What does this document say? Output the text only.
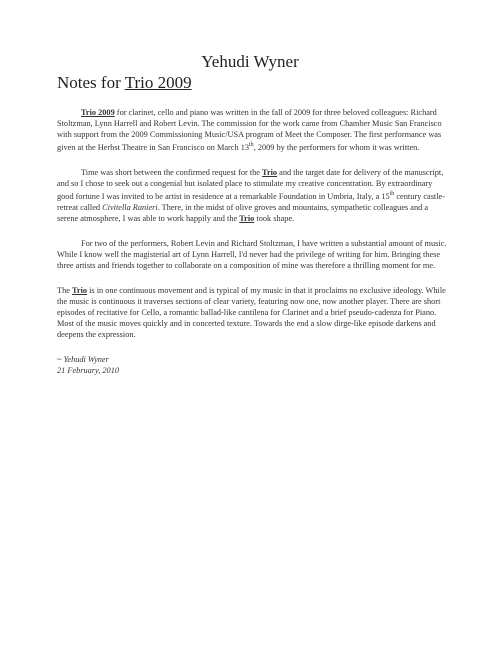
Yehudi Wyner
Notes for Trio 2009

Trio 2009 for clarinet, cello and piano was written in the fall of 2009 for three beloved colleagues: Richard Stoltzman, Lynn Harrell and Robert Levin. The commission for the work came from Chamber Music San Francisco with support from the 2009 Commissioning Music/USA program of Meet the Composer. The first performance was given at the Herbst Theatre in San Francisco on March 13th, 2009 by the performers for whom it was written.

Time was short between the confirmed request for the Trio and the target date for delivery of the manuscript, and so I chose to seek out a congenial but isolated place to stimulate my creative concentration. By extraordinary good fortune I was invited to be artist in residence at a remarkable Foundation in Umbria, Italy, a 15th century castle-retreat called Civitella Ranieri. There, in the midst of olive groves and mountains, sympathetic colleagues and a serene atmosphere, I was able to work happily and the Trio took shape.

For two of the performers, Robert Levin and Richard Stoltzman, I have written a substantial amount of music. While I know well the magisterial art of Lynn Harrell, I'd never had the privilege of writing for him. Bringing these three artists and friends together to collaborate on a composition of mine was therefore a thrilling moment for me.

The Trio is in one continuous movement and is typical of my music in that it proclaims no exclusive ideology. While the music is continuous it traverses sections of clear variety, featuring now one, now another player. There are short episodes of recitative for Cello, a romantic ballad-like cantilena for Clarinet and a brief pseudo-cadenza for Piano. Most of the music moves quickly and in concerted texture. Towards the end a slow dirge-like episode darkens and deepens the expression.

~ Yehudi Wyner
21 February, 2010
